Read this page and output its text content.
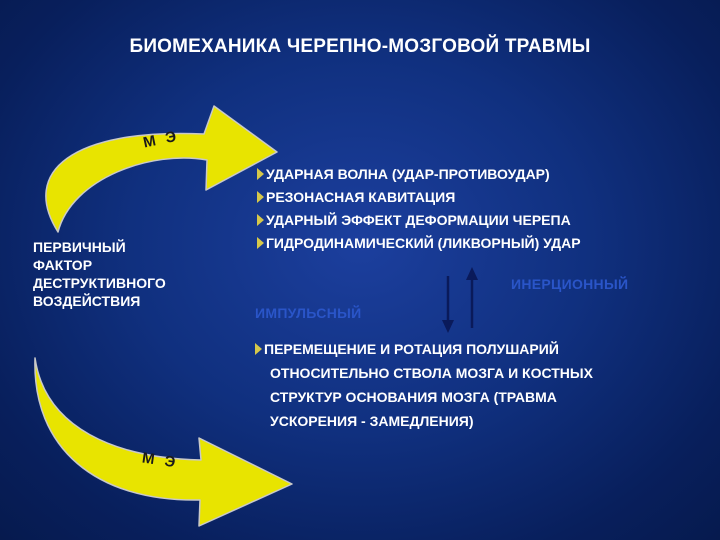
БИОМЕХАНИКА ЧЕРЕПНО-МОЗГОВОЙ ТРАВМЫ
М Э
М Э
ПЕРВИЧНЫЙ
ФАКТОР
ДЕСТРУКТИВНОГО
ВОЗДЕЙСТВИЯ
УДАРНАЯ ВОЛНА (УДАР-ПРОТИВОУДАР)
РЕЗОНАСНАЯ КАВИТАЦИЯ
УДАРНЫЙ ЭФФЕКТ ДЕФОРМАЦИИ ЧЕРЕПА
ГИДРОДИНАМИЧЕСКИЙ (ЛИКВОРНЫЙ) УДАР
ИНЕРЦИОННЫЙ
ИМПУЛЬСНЫЙ
ПЕРЕМЕЩЕНИЕ И РОТАЦИЯ ПОЛУШАРИЙ
ОТНОСИТЕЛЬНО СТВОЛА МОЗГА И КОСТНЫХ
СТРУКТУР ОСНОВАНИЯ МОЗГА (ТРАВМА
УСКОРЕНИЯ - ЗАМЕДЛЕНИЯ)
